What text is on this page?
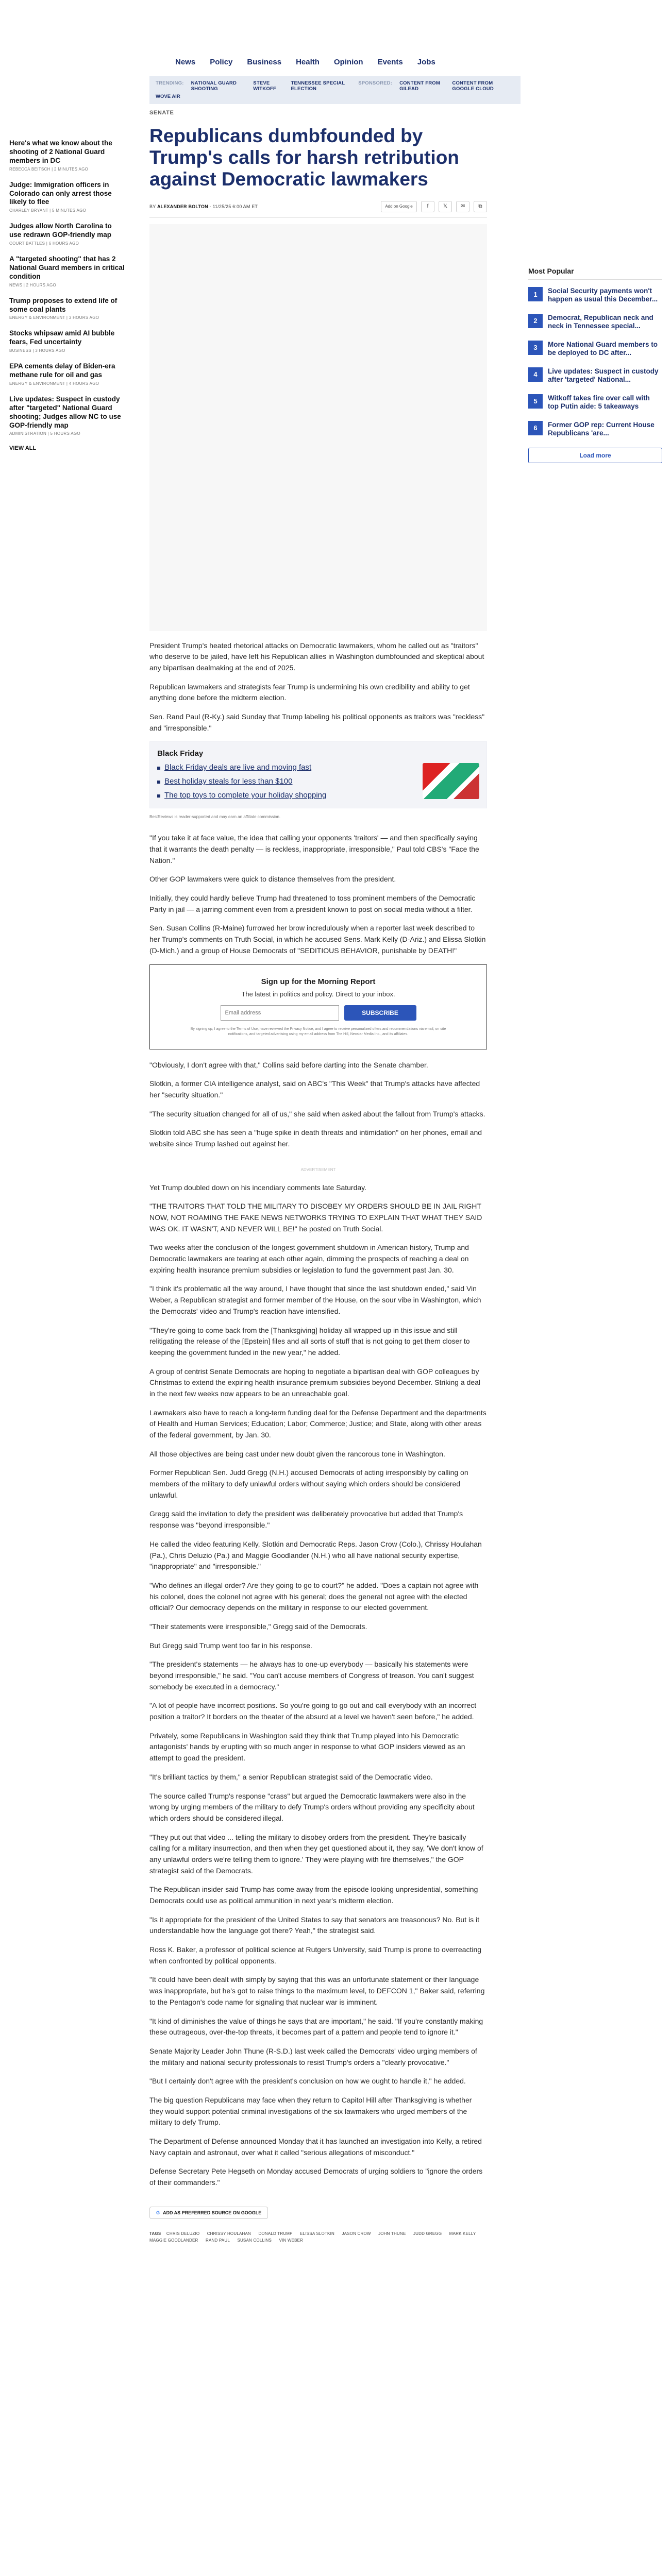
News Policy Business Health Opinion Events Jobs
TRENDING: NATIONAL GUARD SHOOTING
STEVE WITKOFF
TENNESSEE SPECIAL ELECTION
SPONSORED: CONTENT FROM GILEAD
CONTENT FROM GOOGLE CLOUD
WOVE AIR
Here's what we know about the shooting of 2 National Guard members in DC
REBECCA BEITSCH | 2 MINUTES AGO
Judge: Immigration officers in Colorado can only arrest those likely to flee
CHARLEY BRYANT | 5 MINUTES AGO
Judges allow North Carolina to use redrawn GOP-friendly map
COURT BATTLES | 6 HOURS AGO
A "targeted shooting" that has 2 National Guard members in critical condition
NEWS | 2 HOURS AGO
Trump proposes to extend life of some coal plants
ENERGY & ENVIRONMENT | 3 HOURS AGO
Stocks whipsaw amid AI bubble fears, Fed uncertainty
BUSINESS | 3 HOURS AGO
EPA cements delay of Biden-era methane rule for oil and gas
ENERGY & ENVIRONMENT | 4 HOURS AGO
Live updates: Suspect in custody after "targeted" National Guard shooting; Judges allow NC to use GOP-friendly map
ADMINISTRATION | 5 HOURS AGO
VIEW ALL
SENATE
Republicans dumbfounded by Trump's calls for harsh retribution against Democratic lawmakers
BY ALEXANDER BOLTON - 11/25/25 6:00 AM ET	Add on Google	f	𝕏	✉	⧉

President Trump's heated rhetorical attacks on Democratic lawmakers, whom he called out as "traitors" who deserve to be jailed, have left his Republican allies in Washington dumbfounded and skeptical about any bipartisan dealmaking at the end of 2025.

Republican lawmakers and strategists fear Trump is undermining his own credibility and ability to get anything done before the midterm election.

Sen. Rand Paul (R-Ky.) said Sunday that Trump labeling his political opponents as traitors was "reckless" and "irresponsible."

Black Friday
Black Friday deals are live and moving fast
Best holiday steals for less than $100
The top toys to complete your holiday shopping
BestReviews is reader-supported and may earn an affiliate commission.

"If you take it at face value, the idea that calling your opponents 'traitors' — and then specifically saying that it warrants the death penalty — is reckless, inappropriate, irresponsible," Paul told CBS's "Face the Nation."

Other GOP lawmakers were quick to distance themselves from the president.

Initially, they could hardly believe Trump had threatened to toss prominent members of the Democratic Party in jail — a jarring comment even from a president known to post on social media without a filter.

Sen. Susan Collins (R-Maine) furrowed her brow incredulously when a reporter last week described to her Trump's comments on Truth Social, in which he accused Sens. Mark Kelly (D-Ariz.) and Elissa Slotkin (D-Mich.) and a group of House Democrats of "SEDITIOUS BEHAVIOR, punishable by DEATH!"

Sign up for the Morning Report
The latest in politics and policy. Direct to your inbox.
Email address
SUBSCRIBE
By signing up, I agree to the Terms of Use, have reviewed the Privacy Notice, and I agree to receive personalized offers and recommendations via email, on site notifications, and targeted advertising using my email address from The Hill, Nexstar Media Inc., and its affiliates.

"Obviously, I don't agree with that," Collins said before darting into the Senate chamber.

Slotkin, a former CIA intelligence analyst, said on ABC's "This Week" that Trump's attacks have affected her "security situation."

"The security situation changed for all of us," she said when asked about the fallout from Trump's attacks.

Slotkin told ABC she has seen a "huge spike in death threats and intimidation" on her phones, email and website since Trump lashed out against her.

ADVERTISEMENT

Yet Trump doubled down on his incendiary comments late Saturday.

"THE TRAITORS THAT TOLD THE MILITARY TO DISOBEY MY ORDERS SHOULD BE IN JAIL RIGHT NOW, NOT ROAMING THE FAKE NEWS NETWORKS TRYING TO EXPLAIN THAT WHAT THEY SAID WAS OK. IT WASN'T, AND NEVER WILL BE!" he posted on Truth Social.

Two weeks after the conclusion of the longest government shutdown in American history, Trump and Democratic lawmakers are tearing at each other again, dimming the prospects of reaching a deal on expiring health insurance premium subsidies or legislation to fund the government past Jan. 30.

"I think it's problematic all the way around, I have thought that since the last shutdown ended," said Vin Weber, a Republican strategist and former member of the House, on the sour vibe in Washington, which the Democrats' video and Trump's reaction have intensified.

"They're going to come back from the [Thanksgiving] holiday all wrapped up in this issue and still relitigating the release of the [Epstein] files and all sorts of stuff that is not going to get them closer to keeping the government funded in the new year," he added.

A group of centrist Senate Democrats are hoping to negotiate a bipartisan deal with GOP colleagues by Christmas to extend the expiring health insurance premium subsidies beyond December. Striking a deal in the next few weeks now appears to be an unreachable goal.

Lawmakers also have to reach a long-term funding deal for the Defense Department and the departments of Health and Human Services; Education; Labor; Commerce; Justice; and State, along with other areas of the federal government, by Jan. 30.

All those objectives are being cast under new doubt given the rancorous tone in Washington.

Former Republican Sen. Judd Gregg (N.H.) accused Democrats of acting irresponsibly by calling on members of the military to defy unlawful orders without saying which orders should be considered unlawful.

Gregg said the invitation to defy the president was deliberately provocative but added that Trump's response was "beyond irresponsible."

He called the video featuring Kelly, Slotkin and Democratic Reps. Jason Crow (Colo.), Chrissy Houlahan (Pa.), Chris Deluzio (Pa.) and Maggie Goodlander (N.H.) who all have national security expertise, "inappropriate" and "irresponsible."

"Who defines an illegal order? Are they going to go to court?" he added. "Does a captain not agree with his colonel, does the colonel not agree with his general; does the general not agree with the elected official? Our democracy depends on the military in response to our elected government.

"Their statements were irresponsible," Gregg said of the Democrats.

But Gregg said Trump went too far in his response.

"The president's statements — he always has to one-up everybody — basically his statements were beyond irresponsible," he said. "You can't accuse members of Congress of treason. You can't suggest somebody be executed in a democracy."

"A lot of people have incorrect positions. So you're going to go out and call everybody with an incorrect position a traitor? It borders on the theater of the absurd at a level we haven't seen before," he added.

Privately, some Republicans in Washington said they think that Trump played into his Democratic antagonists' hands by erupting with so much anger in response to what GOP insiders viewed as an attempt to goad the president.

"It's brilliant tactics by them," a senior Republican strategist said of the Democratic video.

The source called Trump's response "crass" but argued the Democratic lawmakers were also in the wrong by urging members of the military to defy Trump's orders without providing any specificity about which orders should be considered illegal.

"They put out that video ... telling the military to disobey orders from the president. They're basically calling for a military insurrection, and then when they get questioned about it, they say, 'We don't know of any unlawful orders we're telling them to ignore.' They were playing with fire themselves," the GOP strategist said of the Democrats.

The Republican insider said Trump has come away from the episode looking unpresidential, something Democrats could use as political ammunition in next year's midterm election.

"Is it appropriate for the president of the United States to say that senators are treasonous? No. But is it understandable how the language got there? Yeah," the strategist said.

Ross K. Baker, a professor of political science at Rutgers University, said Trump is prone to overreacting when confronted by political opponents.

"It could have been dealt with simply by saying that this was an unfortunate statement or their language was inappropriate, but he's got to raise things to the maximum level, to DEFCON 1," Baker said, referring to the Pentagon's code name for signaling that nuclear war is imminent.

"It kind of diminishes the value of things he says that are important," he said. "If you're constantly making these outrageous, over-the-top threats, it becomes part of a pattern and people tend to ignore it."

Senate Majority Leader John Thune (R-S.D.) last week called the Democrats' video urging members of the military and national security professionals to resist Trump's orders a "clearly provocative."

"But I certainly don't agree with the president's conclusion on how we ought to handle it," he added.

The big question Republicans may face when they return to Capitol Hill after Thanksgiving is whether they would support potential criminal investigations of the six lawmakers who urged members of the military to defy Trump.

The Department of Defense announced Monday that it has launched an investigation into Kelly, a retired Navy captain and astronaut, over what it called "serious allegations of misconduct."

Defense Secretary Pete Hegseth on Monday accused Democrats of urging soldiers to "ignore the orders of their commanders."

G ADD AS PREFERRED SOURCE ON GOOGLE
TAGS CHRIS DELUZIO CHRISSY HOULAHAN DONALD TRUMP ELISSA SLOTKIN JASON CROW JOHN THUNE JUDD GREGG MARK KELLY MAGGIE GOODLANDER RAND PAUL SUSAN COLLINS VIN WEBER
Most Popular
1	Social Security payments won't happen as usual this December...
2	Democrat, Republican neck and neck in Tennessee special...
3	More National Guard members to be deployed to DC after...
4	Live updates: Suspect in custody after 'targeted' National...
5	Witkoff takes fire over call with top Putin aide: 5 takeaways
6	Former GOP rep: Current House Republicans 'are...
Load more
